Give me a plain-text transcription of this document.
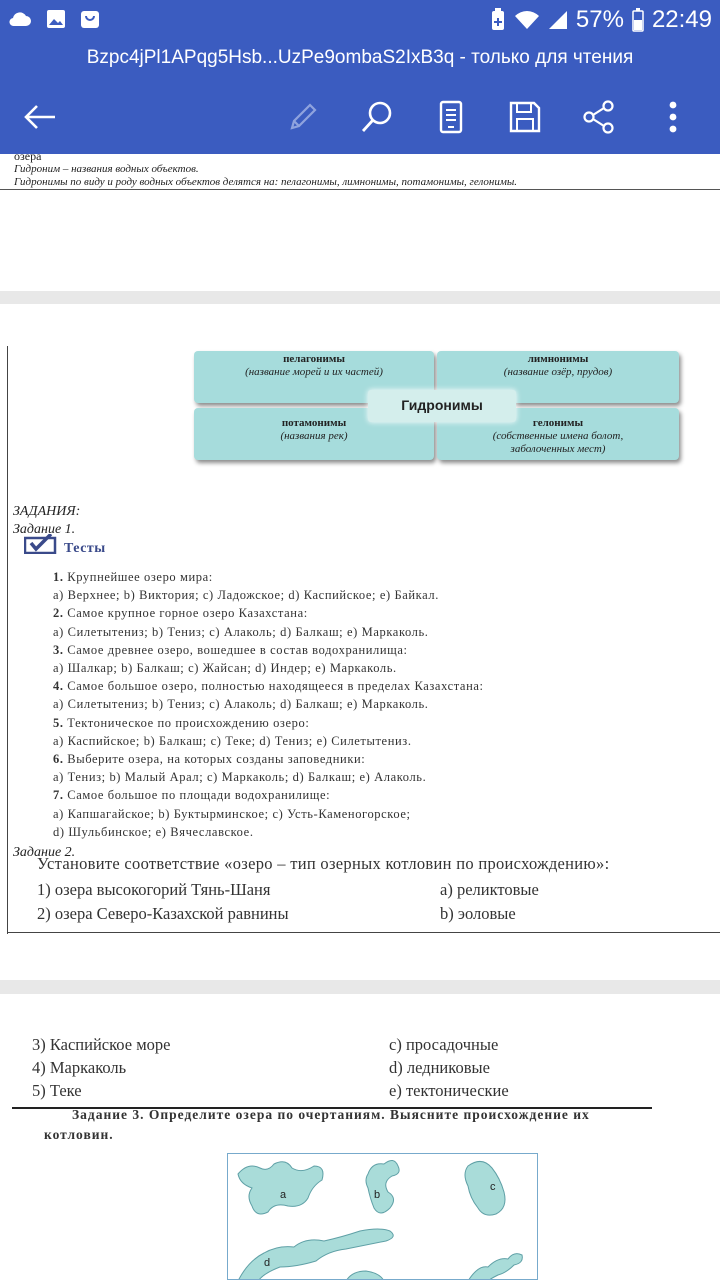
57% 22:49
Bzpc4jPl1APqg5Hsb...UzPe9ombaS2IxB3q - только для чтения
озера
Гидроним – названия водных объектов.
Гидронимы по виду и роду водных объектов делятся на: пелагонимы, лимнонимы, потамонимы, гелонимы.
пелагонимы
(название морей и их частей)
лимнонимы
(название озёр, прудов)
потамонимы
(названия рек)
гелонимы
(собственные имена болот,
заболоченных мест)
Гидронимы
ЗАДАНИЯ:
Задание 1.
Тесты
1. Крупнейшее озеро мира:
а) Верхнее; b) Виктория; с) Ладожское; d) Каспийское; е) Байкал.
2. Самое крупное горное озеро Казахстана:
а) Силетытениз; b) Тениз; с) Алаколь; d) Балкаш; е) Маркаколь.
3. Самое древнее озеро, вошедшее в состав водохранилища:
а) Шалкар; b) Балкаш; с) Жайсан; d) Индер; е) Маркаколь.
4. Самое большое озеро, полностью находящееся в пределах Казахстана:
а) Силетытениз; b) Тениз; с) Алаколь; d) Балкаш; е) Маркаколь.
5. Тектоническое по происхождению озеро:
а) Каспийское; b) Балкаш; с) Теке; d) Тениз; е) Силетытениз.
6. Выберите озера, на которых созданы заповедники:
а) Тениз; b) Малый Арал; с) Маркаколь; d) Балкаш; е) Алаколь.
7. Самое большое по площади водохранилище:
а) Капшагайское; b) Буктырминское; с) Усть-Каменогорское;
d) Шульбинское; е) Вячеславское.
Задание 2.
Установите соответствие «озеро – тип озерных котловин по происхождению»:
1) озера высокогорий Тянь-Шаня	а) реликтовые
2) озера Северо-Казахской равнины	b) эоловые
3) Каспийское море	с) просадочные
4) Маркаколь	d) ледниковые
5) Теке	е) тектонические
Задание 3. Определите озера по очертаниям. Выясните происхождение их
котловин.
a	b
c
d
